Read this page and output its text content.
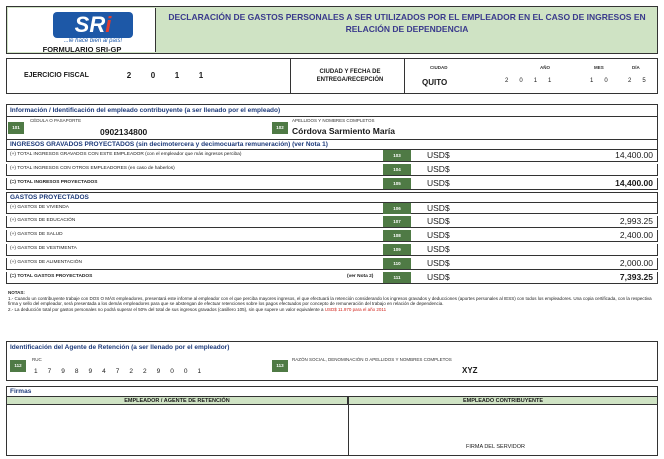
SRi
...le hace bien al país!
FORMULARIO SRI-GP
DECLARACIÓN DE GASTOS PERSONALES A SER UTILIZADOS POR EL EMPLEADOR EN EL CASO DE INGRESOS EN RELACIÓN DE DEPENDENCIA
EJERCICIO FISCAL	2	0	1	1	CIUDAD Y FECHA DE ENTREGA/RECEPCIÓN
CIUDAD
QUITO
AÑO
2 0 1 1
MES
1 0
DÍA
2 5
Información / Identificación del empleado contribuyente (a ser llenado por el empleado)
101
CÉDULA O PASAPORTE
0902134800	102
APELLIDOS Y NOMBRES COMPLETOS
Córdova Sarmiento María
INGRESOS GRAVADOS PROYECTADOS (sin decimotercera y decimocuarta remuneración) (ver Nota 1)
(+) TOTAL INGRESOS GRAVADOS CON ESTE EMPLEADOR (con el empleador que más ingresos perciba)	103	USD$	14,400.00
(+) TOTAL INGRESOS CON OTROS EMPLEADORES (en caso de haberlos)	104	USD$
(=) TOTAL INGRESOS PROYECTADOS	105	USD$	14,400.00
GASTOS PROYECTADOS
(+) GASTOS DE VIVIENDA	106	USD$
(+) GASTOS DE EDUCACIÓN	107	USD$	2,993.25
(+) GASTOS DE SALUD	108	USD$	2,400.00
(+) GASTOS DE VESTIMENTA	109	USD$
(+) GASTOS DE ALIMENTACIÓN	110	USD$	2,000.00
(=) TOTAL GASTOS PROYECTADOS	(ver Nota 2)	111	USD$	7,393.25
NOTAS:
1.- Cuando un contribuyente trabaje con DOS O MÁS empleadores, presentará este informe al empleador con el que perciba mayores ingresos, el que efectuará la retención considerando los ingresos gravados y deducciones (aportes personales al IESS) con todos los empleadores. Una copia certificada, con la respectiva firma y sello del empleador, será presentada a los demás empleadores para que se abstengan de efectuar retenciones sobre los pagos efectuados por concepto de remuneración del trabajo en relación de dependencia.
2.- La deducción total por gastos personales no podrá superar el 50% del total de sus ingresos gravados (casillero 105), sin que supere un valor equivalente a USD$ 11.970 para el año 2011
Identificación del Agente de Retención (a ser llenado por el empleador)
112
RUC
1 7 9 8 9 4 7 2 2 9 0 0 1
113
RAZÓN SOCIAL, DENOMINACIÓN O APELLIDOS Y NOMBRES COMPLETOS
XYZ
Firmas
EMPLEADOR / AGENTE DE RETENCIÓN	EMPLEADO CONTRIBUYENTE
FIRMA DEL SERVIDOR
